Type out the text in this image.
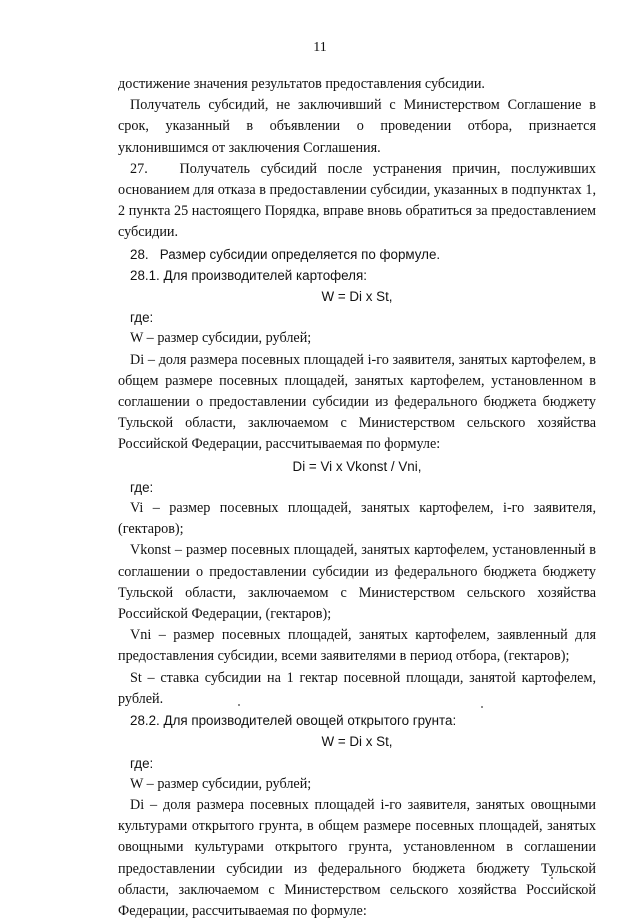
11

достижение значения результатов предоставления субсидии.

Получатель субсидий, не заключивший с Министерством Соглашение в срок, указанный в объявлении о проведении отбора, признается уклонившимся от заключения Соглашения.

27.   Получатель субсидий после устранения причин, послуживших основанием для отказа в предоставлении субсидии, указанных в подпунктах 1, 2 пункта 25 настоящего Порядка, вправе вновь обратиться за предоставлением субсидии.

28.   Размер субсидии определяется по формуле.

28.1. Для производителей картофеля:

W = Di x St,

где:

W – размер субсидии, рублей;

Di – доля размера посевных площадей i-го заявителя, занятых картофелем, в общем размере посевных площадей, занятых картофелем, установленном в соглашении о предоставлении субсидии из федерального бюджета бюджету Тульской области, заключаемом с Министерством сельского хозяйства Российской Федерации, рассчитываемая по формуле:

Di = Vi x Vkonst / Vni,

где:

Vi – размер посевных площадей, занятых картофелем, i-го заявителя, (гектаров);

Vkonst – размер посевных площадей, занятых картофелем, установленный в соглашении о предоставлении субсидии из федерального бюджета бюджету Тульской области, заключаемом с Министерством сельского хозяйства Российской Федерации, (гектаров);

Vni – размер посевных площадей, занятых картофелем, заявленный для предоставления субсидии, всеми заявителями в период отбора, (гектаров);

St – ставка субсидии на 1 гектар посевной площади, занятой картофелем, рублей.

28.2. Для производителей овощей открытого грунта:

W = Di x St,

где:

W – размер субсидии, рублей;

Di – доля размера посевных площадей i-го заявителя, занятых овощными культурами открытого грунта, в общем размере посевных площадей, занятых овощными культурами открытого грунта, установленном в соглашении предоставлении субсидии из федерального бюджета бюджету Тульской области, заключаемом с Министерством сельского хозяйства Российской Федерации, рассчитываемая по формуле:
